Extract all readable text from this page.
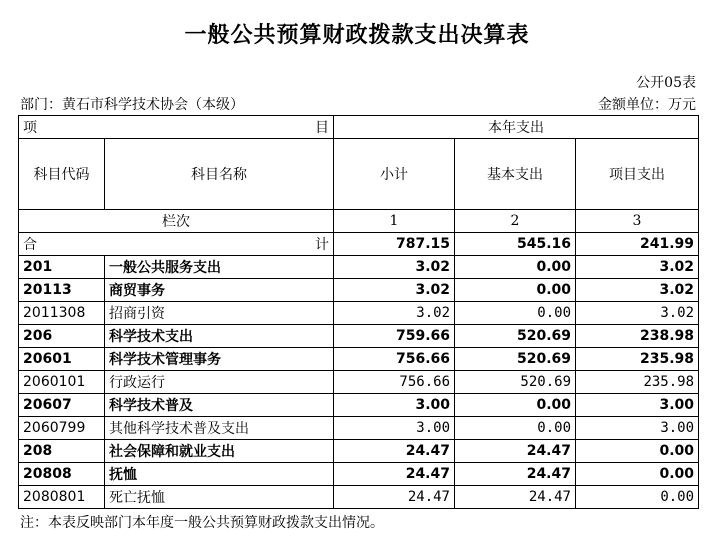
一般公共预算财政拨款支出决算表
公开05表
部门：黄石市科学技术协会（本级）	金额单位：万元
项 目		本年支出		
科目代码	科目名称	小计	基本支出	项目支出
栏次		1	2	3

合 计		787.15	545.16	241.99
201	一般公共服务支出	3.02	0.00	3.02
20113	商贸事务	3.02	0.00	3.02
2011308	招商引资	3.02	0.00	3.02
206	科学技术支出	759.66	520.69	238.98
20601	科学技术管理事务	756.66	520.69	235.98
2060101	行政运行	756.66	520.69	235.98
20607	科学技术普及	3.00	0.00	3.00
2060799	其他科学技术普及支出	3.00	0.00	3.00
208	社会保障和就业支出	24.47	24.47	0.00
20808	抚恤	24.47	24.47	0.00
2080801	死亡抚恤	24.47	24.47	0.00
注：本表反映部门本年度一般公共预算财政拨款支出情况。
